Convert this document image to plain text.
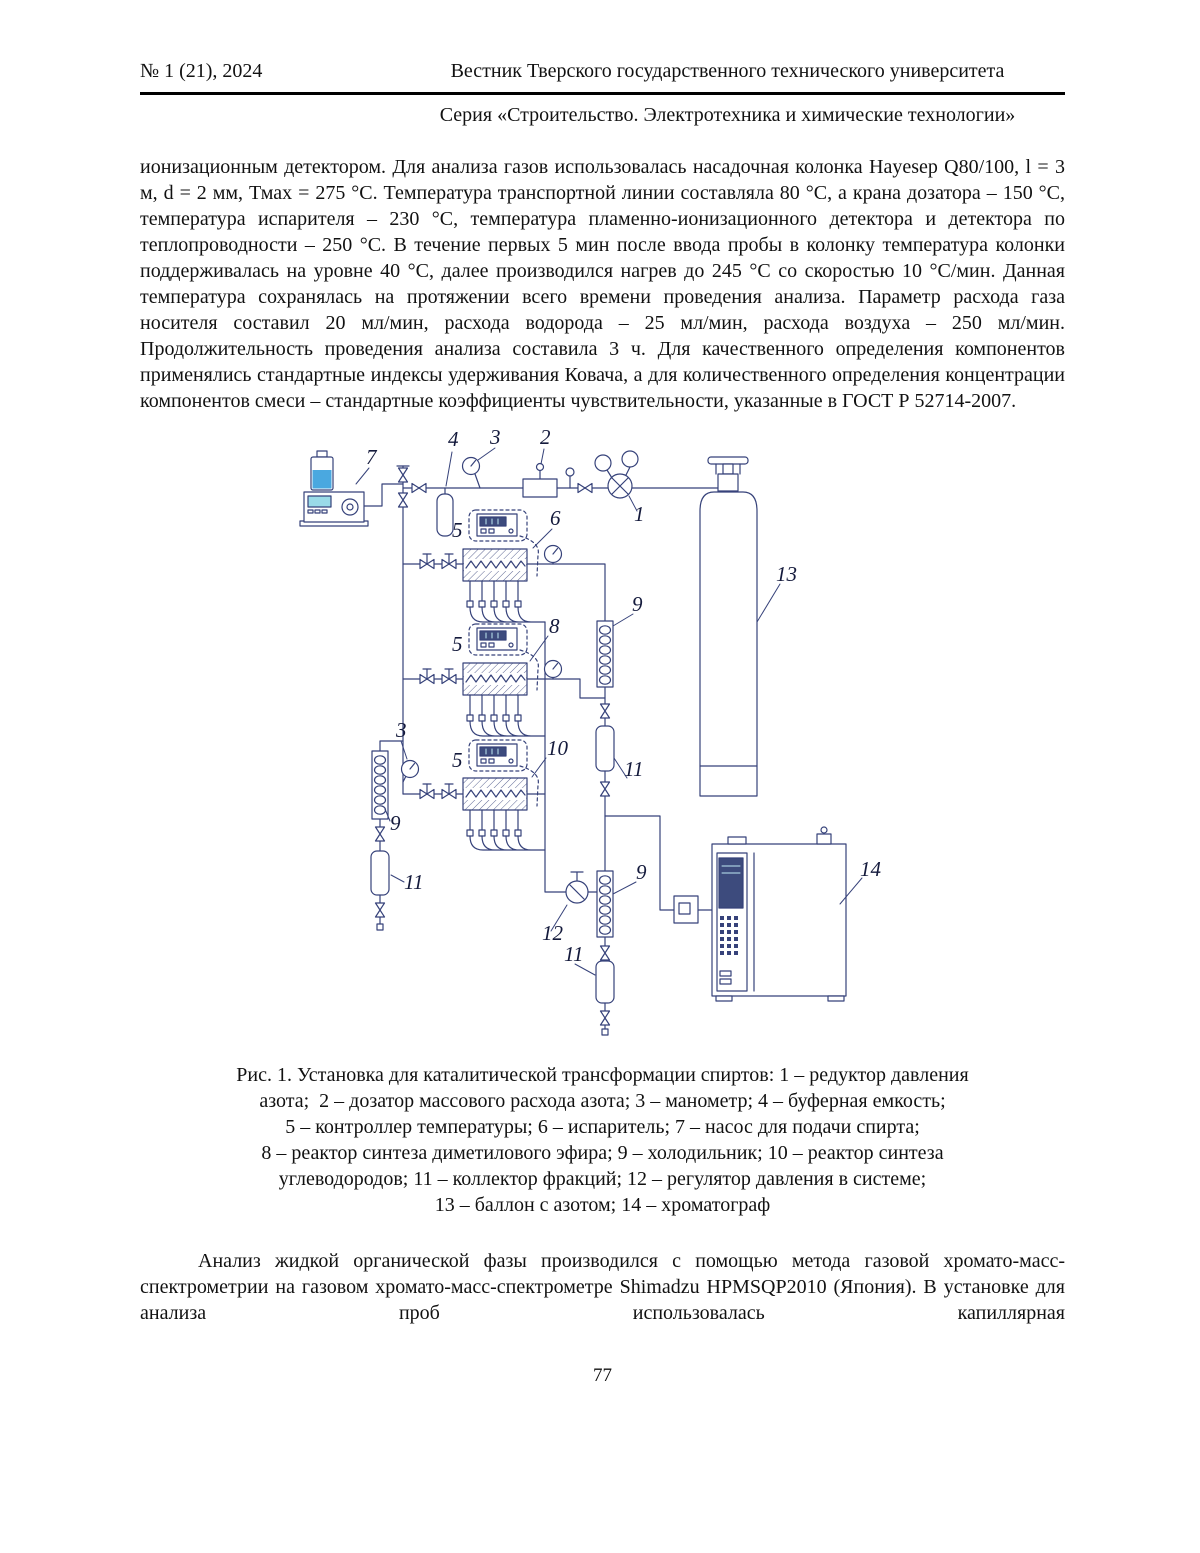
№ 1 (21), 2024	Вестник Тверского государственного технического университета
Серия «Строительство. Электротехника и химические технологии»
ионизационным детектором. Для анализа газов использовалась насадочная колонка Hayesep Q80/100, l = 3 м, d = 2 мм, Тмах = 275 °С. Температура транспортной линии составляла 80 °С, а крана дозатора – 150 °С, температура испарителя – 230 °С, температура пламенно-ионизационного детектора и детектора по теплопроводности – 250 °С. В течение первых 5 мин после ввода пробы в колонку температура колонки поддерживалась на уровне 40 °С, далее производился нагрев до 245 °С со скоростью 10 °С/мин. Данная температура сохранялась на протяжении всего времени проведения анализа. Параметр расхода газа носителя составил 20 мл/мин, расхода водорода – 25 мл/мин, расхода воздуха – 250 мл/мин. Продолжительность проведения анализа составила 3 ч. Для качественного определения компонентов применялись стандартные индексы удерживания Ковача, а для количественного определения концентрации компонентов смеси – стандартные коэффициенты чувствительности, указанные в ГОСТ Р 52714-2007.
7
4 3 2
1
6
5
5
5
8
10
13
9
11
3
9
11
12
9
11
14
Рис. 1. Установка для каталитической трансформации спиртов: 1 – редуктор давления
азота;  2 – дозатор массового расхода азота; 3 – манометр; 4 – буферная емкость;
5 – контроллер температуры; 6 – испаритель; 7 – насос для подачи спирта;
8 – реактор синтеза диметилового эфира; 9 – холодильник; 10 – реактор синтеза
углеводородов; 11 – коллектор фракций; 12 – регулятор давления в системе;
13 – баллон с азотом; 14 – хроматограф
Анализ жидкой органической фазы производился с помощью метода газовой хромато-масс-спектрометрии на газовом хромато-масс-спектрометре Shimadzu HPMSQP2010 (Япония). В установке для анализа проб использовалась капиллярная
77
